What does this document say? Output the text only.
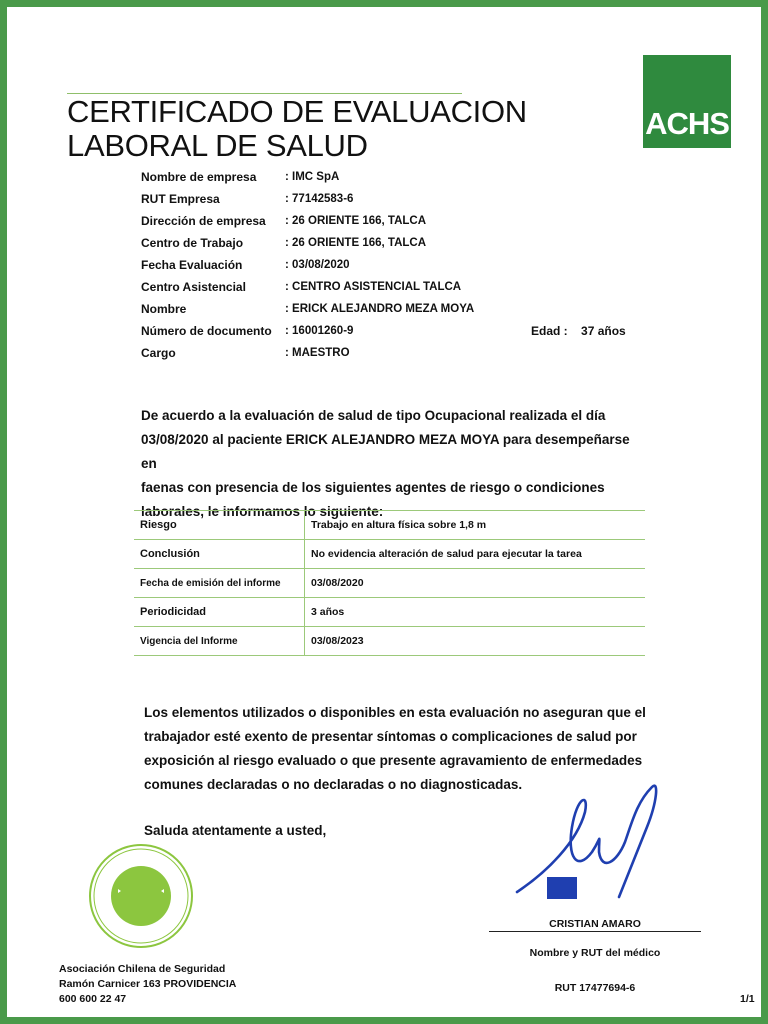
CERTIFICADO DE EVALUACION
LABORAL DE SALUD
ACHS
Nombre de empresa : IMC SpA
RUT Empresa	: 77142583-6
Dirección de empresa : 26 ORIENTE 166, TALCA
Centro de Trabajo	: 26 ORIENTE 166, TALCA
Fecha Evaluación	: 03/08/2020
Centro Asistencial	: CENTRO ASISTENCIAL TALCA
Nombre	: ERICK ALEJANDRO MEZA MOYA
Número de documento : 16001260-9	Edad : 37 años
Cargo	: MAESTRO
De acuerdo a la evaluación de salud de tipo Ocupacional realizada el día
03/08/2020 al paciente ERICK ALEJANDRO MEZA MOYA para desempeñarse en
faenas con presencia de los siguientes agentes de riesgo o condiciones
laborales, le informamos lo siguiente:
Riesgo	Trabajo en altura física sobre 1,8 m
Conclusión	No evidencia alteración de salud para ejecutar la tarea
Fecha de emisión del informe	03/08/2020
Periodicidad	3 años
Vigencia del Informe	03/08/2023
Los elementos utilizados o disponibles en esta evaluación no aseguran que el
trabajador esté exento de presentar síntomas o complicaciones de salud por
exposición al riesgo evaluado o que presente agravamiento de enfermedades
comunes declaradas o no declaradas o no diagnosticadas.
Saluda atentamente a usted,
CRISTIAN AMARO
Nombre y RUT del médico
RUT 17477694-6
Asociación Chilena de Seguridad
Ramón Carnicer 163 PROVIDENCIA
600 600 22 47	1/1
